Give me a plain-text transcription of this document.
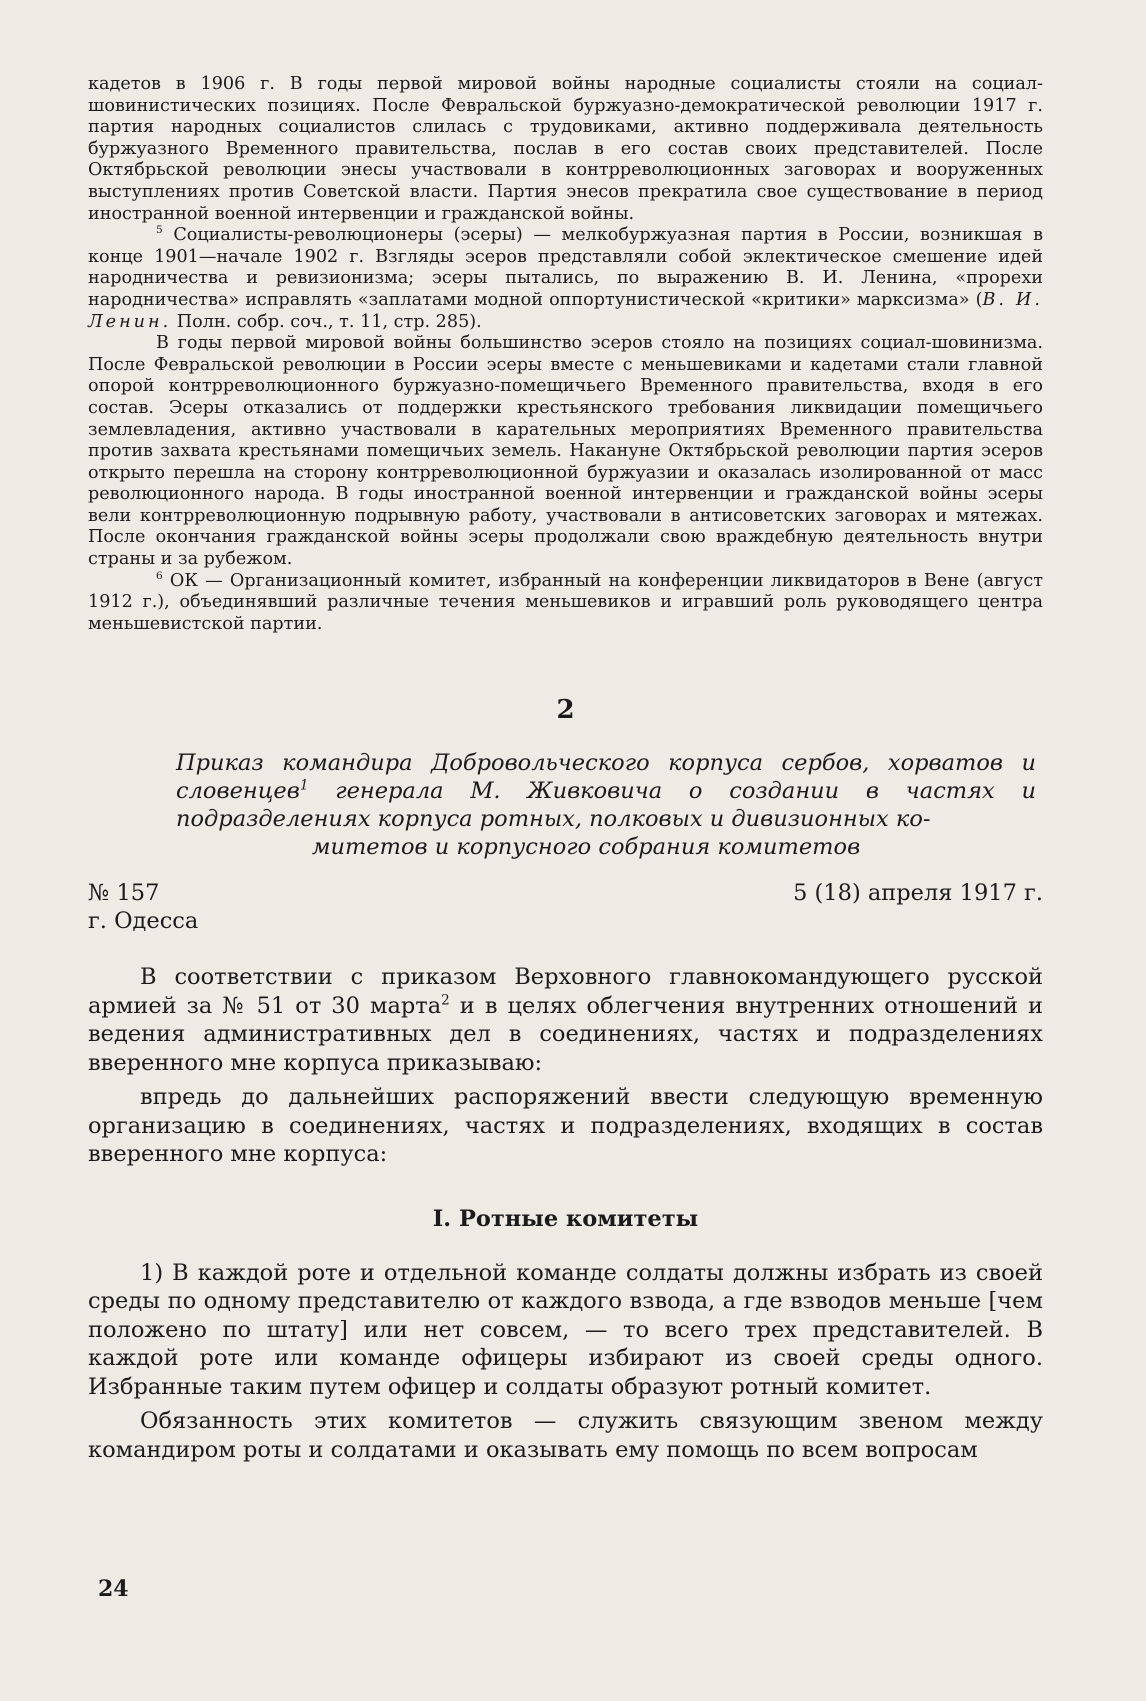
кадетов в 1906 г. В годы первой мировой войны народные социалисты стояли на социал-шовинистических позициях. После Февральской буржуазно-демократической революции 1917 г. партия народных социалистов слилась с трудовиками, активно поддерживала деятельность буржуазного Временного правительства, послав в его состав своих представителей. После Октябрьской революции энесы участвовали в контрреволюционных заговорах и вооруженных выступлениях против Советской власти. Партия энесов прекратила свое существование в период иностранной военной интервенции и гражданской войны.

$^5$ Социалисты-революционеры (эсеры) — мелкобуржуазная партия в России, возникшая в конце 1901—начале 1902 г. Взгляды эсеров представляли собой эклектическое смешение идей народничества и ревизионизма; эсеры пытались, по выражению В. И. Ленина, «прорехи народничества» исправлять «заплатами модной оппортунистической «критики» марксизма» (В. И. Ленин. Полн. собр. соч., т. 11, стр. 285).

В годы первой мировой войны большинство эсеров стояло на позициях социал-шовинизма. После Февральской революции в России эсеры вместе с меньшевиками и кадетами стали главной опорой контрреволюционного буржуазно-помещичьего Временного правительства, входя в его состав. Эсеры отказались от поддержки крестьянского требования ликвидации помещичьего землевладения, активно участвовали в карательных мероприятиях Временного правительства против захвата крестьянами помещичьих земель. Накануне Октябрьской революции партия эсеров открыто перешла на сторону контрреволюционной буржуазии и оказалась изолированной от масс революционного народа. В годы иностранной военной интервенции и гражданской войны эсеры вели контрреволюционную подрывную работу, участвовали в антисоветских заговорах и мятежах. После окончания гражданской войны эсеры продолжали свою враждебную деятельность внутри страны и за рубежом.

$^6$ ОК — Организационный комитет, избранный на конференции ликвидаторов в Вене (август 1912 г.), объединявший различные течения меньшевиков и игравший роль руководящего центра меньшевистской партии.

2
Приказ командира Добровольческого корпуса сербов, хорватов и словенцев$^1$ генерала М. Живковича о создании в частях и подразделениях корпуса ротных, полковых и дивизионных ко-
митетов и корпусного собрания комитетов
№ 157	5 (18) апреля 1917 г.
г. Одесса

В соответствии с приказом Верховного главнокомандующего русской армией за № 51 от 30 марта$^2$ и в целях облегчения внутренних отношений и ведения административных дел в соединениях, частях и подразделениях вверенного мне корпуса приказываю:

впредь до дальнейших распоряжений ввести следующую временную организацию в соединениях, частях и подразделениях, входящих в состав вверенного мне корпуса:

I. Ротные комитеты

1) В каждой роте и отдельной команде солдаты должны избрать из своей среды по одному представителю от каждого взвода, а где взводов меньше [чем положено по штату] или нет совсем, — то всего трех представителей. В каждой роте или команде офицеры избирают из своей среды одного. Избранные таким путем офицер и солдаты образуют ротный комитет.

Обязанность этих комитетов — служить связующим звеном между командиром роты и солдатами и оказывать ему помощь по всем вопросам

24
